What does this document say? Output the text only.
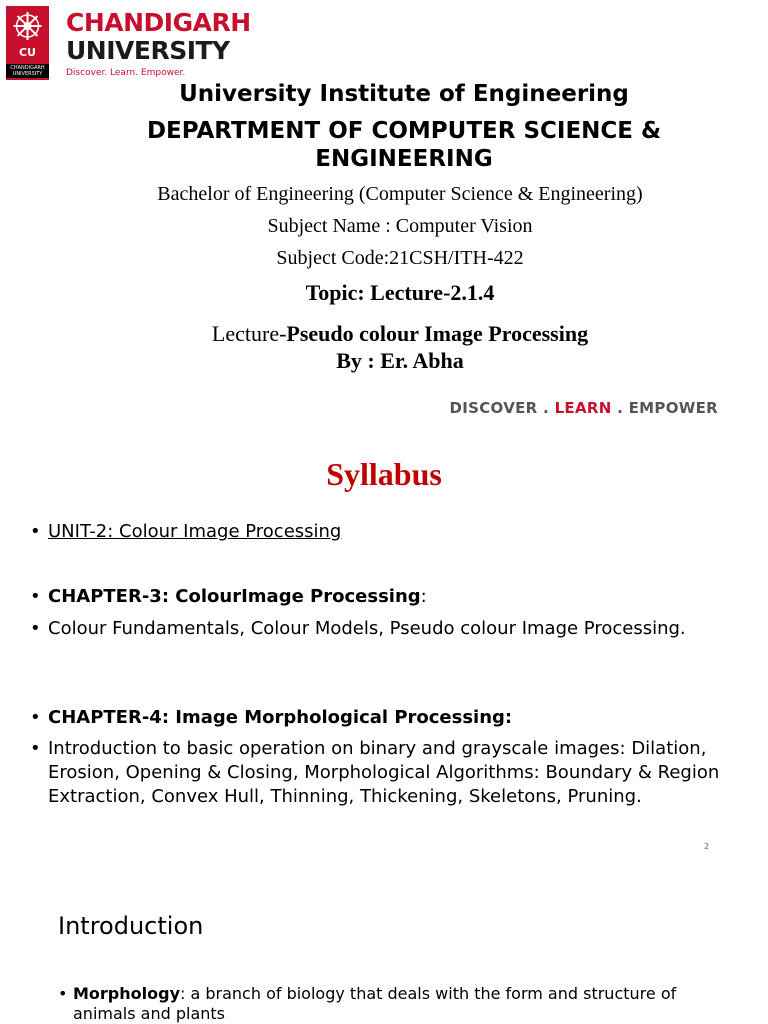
CU
CHANDIGARH UNIVERSITY
CHANDIGARH
UNIVERSITY
Discover. Learn. Empower.
University Institute of Engineering
DEPARTMENT OF COMPUTER SCIENCE & ENGINEERING
Bachelor of Engineering (Computer Science & Engineering)
Subject Name : Computer Vision
Subject Code:21CSH/ITH-422
Topic: Lecture-2.1.4
Lecture-Pseudo colour Image Processing
By : Er. Abha
DISCOVER . LEARN . EMPOWER
Syllabus
• UNIT-2: Colour Image Processing
• CHAPTER-3: ColourImage Processing:
• Colour Fundamentals, Colour Models, Pseudo colour Image Processing.
• CHAPTER-4: Image Morphological Processing:
• Introduction to basic operation on binary and grayscale images: Dilation, Erosion, Opening & Closing, Morphological Algorithms: Boundary & Region Extraction, Convex Hull, Thinning, Thickening, Skeletons, Pruning.
2
Introduction
• Morphology: a branch of biology that deals with the form and structure of animals and plants
